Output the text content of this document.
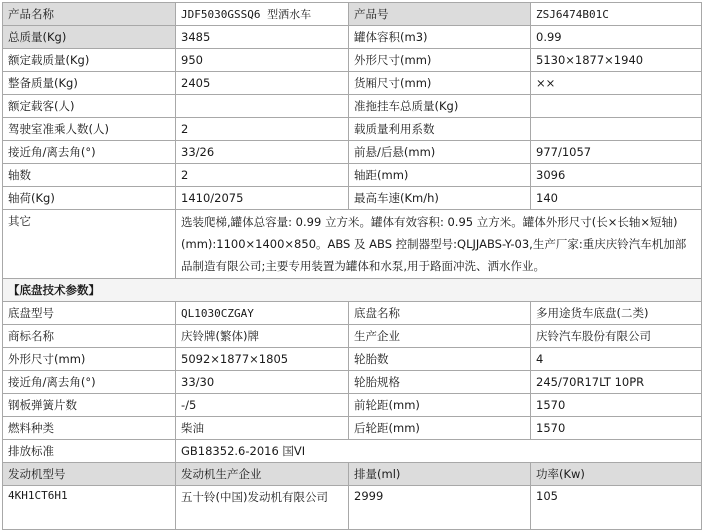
产品名称	JDF5030GSSQ6 型洒水车	产品号	ZSJ6474B01C
总质量(Kg)	3485	罐体容积(m3)	0.99
额定载质量(Kg)	950	外形尺寸(mm)	5130×1877×1940
整备质量(Kg)	2405	货厢尺寸(mm)	××
额定载客(人)		准拖挂车总质量(Kg)	
驾驶室准乘人数(人)	2	载质量利用系数	
接近角/离去角(°)	33/26	前悬/后悬(mm)	977/1057
轴数	2	轴距(mm)	3096
轴荷(Kg)	1410/2075	最高车速(Km/h)	140
其它	选装爬梯,罐体总容量: 0.99 立方米。罐体有效容积: 0.95 立方米。罐体外形尺寸(长×长轴×短轴)(mm):1100×1400×850。ABS 及 ABS 控制器型号:QLJJABS-Y-03,生产厂家:重庆庆铃汽车机加部品制造有限公司;主要专用装置为罐体和水泵,用于路面冲洗、洒水作业。		
【底盘技术参数】			
底盘型号	QL1030CZGAY	底盘名称	多用途货车底盘(二类)
商标名称	庆铃牌(繁体)牌	生产企业	庆铃汽车股份有限公司
外形尺寸(mm)	5092×1877×1805	轮胎数	4
接近角/离去角(°)	33/30	轮胎规格	245/70R17LT 10PR
钢板弹簧片数	-/5	前轮距(mm)	1570
燃料种类	柴油	后轮距(mm)	1570
排放标准	GB18352.6-2016 国VI		
发动机型号	发动机生产企业	排量(ml)	功率(Kw)
4KH1CT6H1	五十铃(中国)发动机有限公司	2999	105
